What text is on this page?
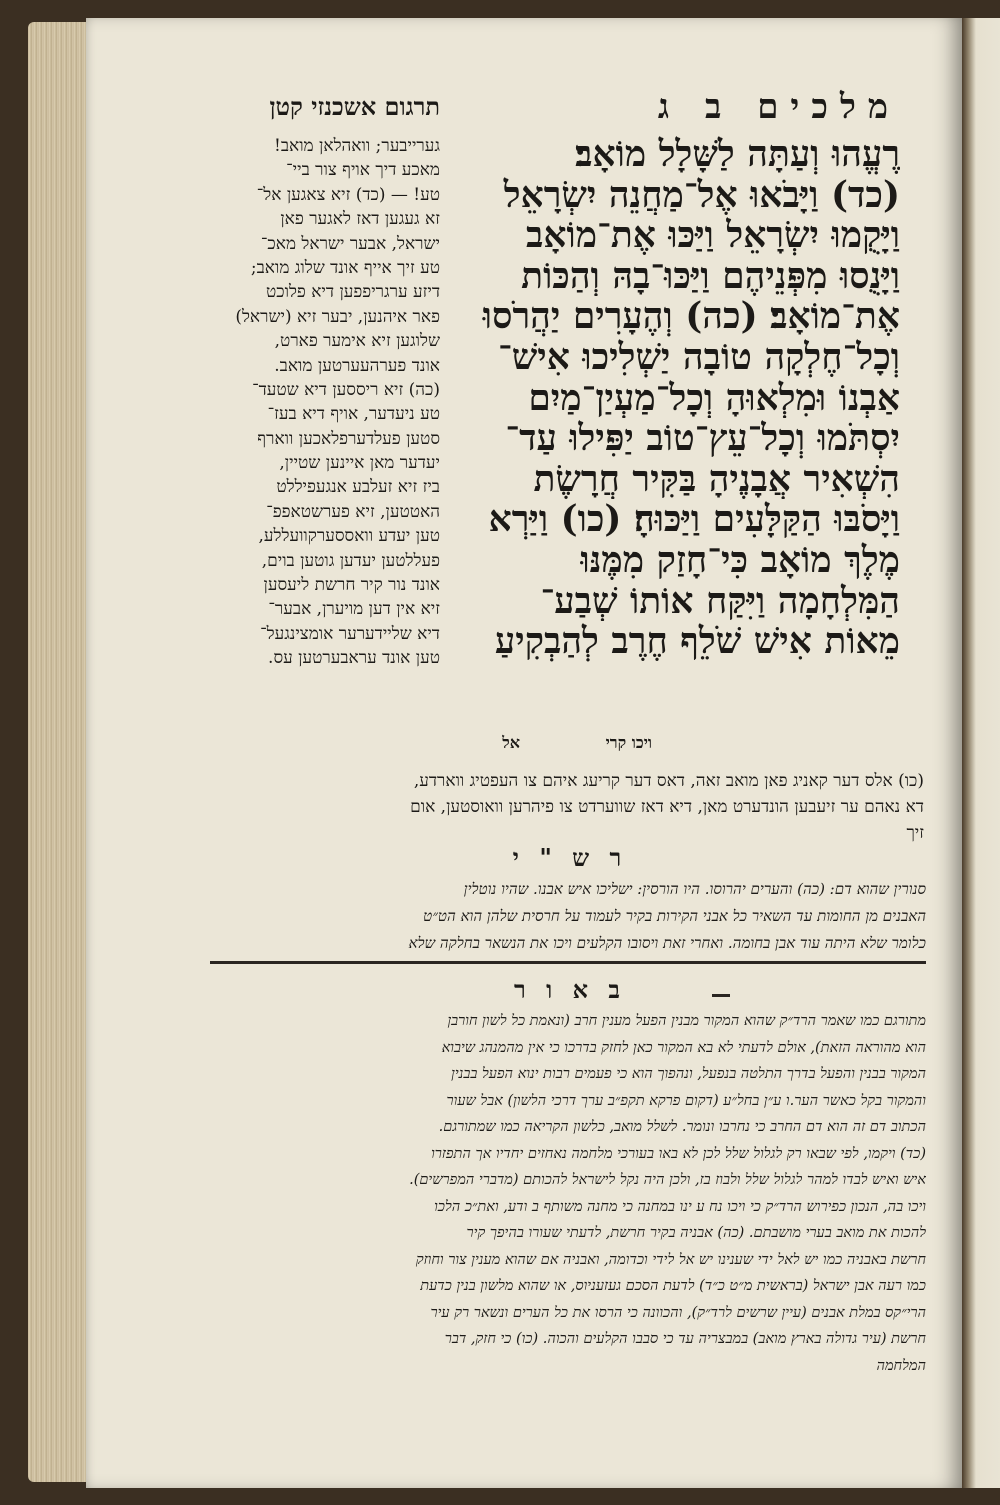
מלכים ב ג
רֶעֱהוּ וְעַתָּה לַשָּׁלָל מוֹאָב׃
(כד) וַיָּבֹאוּ אֶל־מַחֲנֵה יִשְׂרָאֵל
וַיָּקֻמוּ יִשְׂרָאֵל וַיַּכּוּ אֶת־מוֹאָב
וַיָּנֻסוּ מִפְּנֵיהֶם וַיַּכּוּ־בָהּ וְהַכּוֹת
אֶת־מוֹאָב׃ (כה) וְהֶעָרִים יַהֲרֹסוּ
וְכָל־חֶלְקָה טוֹבָה יַשְׁלִיכוּ אִישׁ־
אַבְנוֹ וּמִלְאוּהָ וְכָל־מַעְיַן־מַיִם
יִסְתֹּמוּ וְכָל־עֵץ־טוֹב יַפִּילוּ עַד־
הִשְׁאִיר אֲבָנֶיהָ בַּקִּיר חֲרָשֶׂת
וַיָּסֹבּוּ הַקַּלָּעִים וַיַּכּוּהָ׃ (כו) וַיַּרְא
מֶלֶךְ מוֹאָב כִּי־חָזַק מִמֶּנּוּ
הַמִּלְחָמָה וַיִּקַּח אוֹתוֹ שְׁבַע־
מֵאוֹת אִישׁ שֹׁלֵף חֶרֶב לְהַבְקִיעַ
ויכו קרי
אל
תרגום אשכנזי קטן
גערייבער; וואהלאן מואב!
מאכע דיך אויף צור ביי־
טע! — (כד) זיא צאגען אל־
זא געגען דאז לאגער פאן
ישראל, אבער ישראל מאכ־
טע זיך אייף אונד שלוג מואב;
דיזע ערגריפפען דיא פלוכט
פאר איהנען, יבער זיא (ישראל)
שלוגען זיא אימער פארט,
אונד פערהעערטען מואב.
(כה) זיא ריססען דיא שטעד־
טע ניעדער, אויף דיא בעז־
סטען פעלדערפלאכען ווארף
יעדער מאן איינען שטיין,
ביז זיא זעלבע אנגעפיללט
האטטען, זיא פערשטאפפ־
טען יעדע וואססערקוועללע,
פעללטען יעדען גוטען בוים,
אונד נור קיר חרשת ליעסען
זיא אין דען מויערן, אבער־
דיא שליידערער אומצינגעל־
טען אונד עראבערטען עס.
(כו) אלס דער קאניג פאן מואב זאה, דאס דער קריעג איהם צו העפטיג ווארדע,
דא נאהם ער זיעבען הונדערט מאן, דיא דאז שווערדט צו פיהרען וואוסטען, אום
זיך
ר ש " י
סנורין שהוא דם: (כה) והערים יהרוסו. היו הורסין: ישליכו איש אבנו. שהיו נוטלין
האבנים מן החומות עד השאיר כל אבני הקירות בקיר לעמוד על חרסית שלהן הוא הט״ט
כלומר שלא היתה עוד אבן בחומה. ואחרי זאת ויסובו הקלעים ויכו את הנשאר בחלקה שלא
ב א ו ר
מתורגם כמו שאמר הרד״ק שהוא המקור מבנין הפעל מענין חרב (ונאמת כל לשון חורבן
הוא מהוראה הזאת), אולם לדעתי לא בא המקור כאן לחזק בדרכו כי אין מהמנהג שיבוא
המקור בבנין והפעל בדרך התלטה בנפעל, ונהפוך הוא כי פעמים רבות ינוא הפעל בבנין
והמקור בקל כאשר הער.ו ע״ן בחל״ע (דקום פרקא תקפ״ב ערך דרכי הלשון) אבל שעור
הכתוב דם זה הוא דם החרב כי נחרבו ונומר. לשלל מואב, כלשון הקריאה כמו שמתורגם.
(כד) ויקמו, לפי שבאו רק לגלול שלל לכן לא באו בעורכי מלחמה נאחזים יחדיו אך התפזרו
איש ואיש לבדו למהר לגלול שלל ולבוז בז, ולכן היה נקל לישראל להכותם (מדברי המפרשים).
ויכו בה, הנכון כפירוש הרד״ק כי ויכו נח ע ינו במחנה כי מחנה משותף ב ודע, ואת״כ הלכו
להכות את מואב בערי מושבתם. (כה) אבניה בקיר חרשת, לדעתי שעורו בהיפך קיר
חרשת באבניה כמו יש לאל ידי שענינו יש אל לידי וכדומה, ואבניה אם שהוא מענין צור וחוזק
כמו רעה אבן ישראל (בראשית מ״ט כ״ד) לדעת הסכם געזעניוס, או שהוא מלשון בנין כדעת
הרי״קס במלת אבנים (עיין שרשים לרד״ק), והכוונה כי הרסו את כל הערים ונשאר רק עיר
חרשת (עיר גדולה בארץ מואב) במבצריה עד כי סבבו הקלעים והכוה. (כו) כי חזק, דבר
המלחמה
